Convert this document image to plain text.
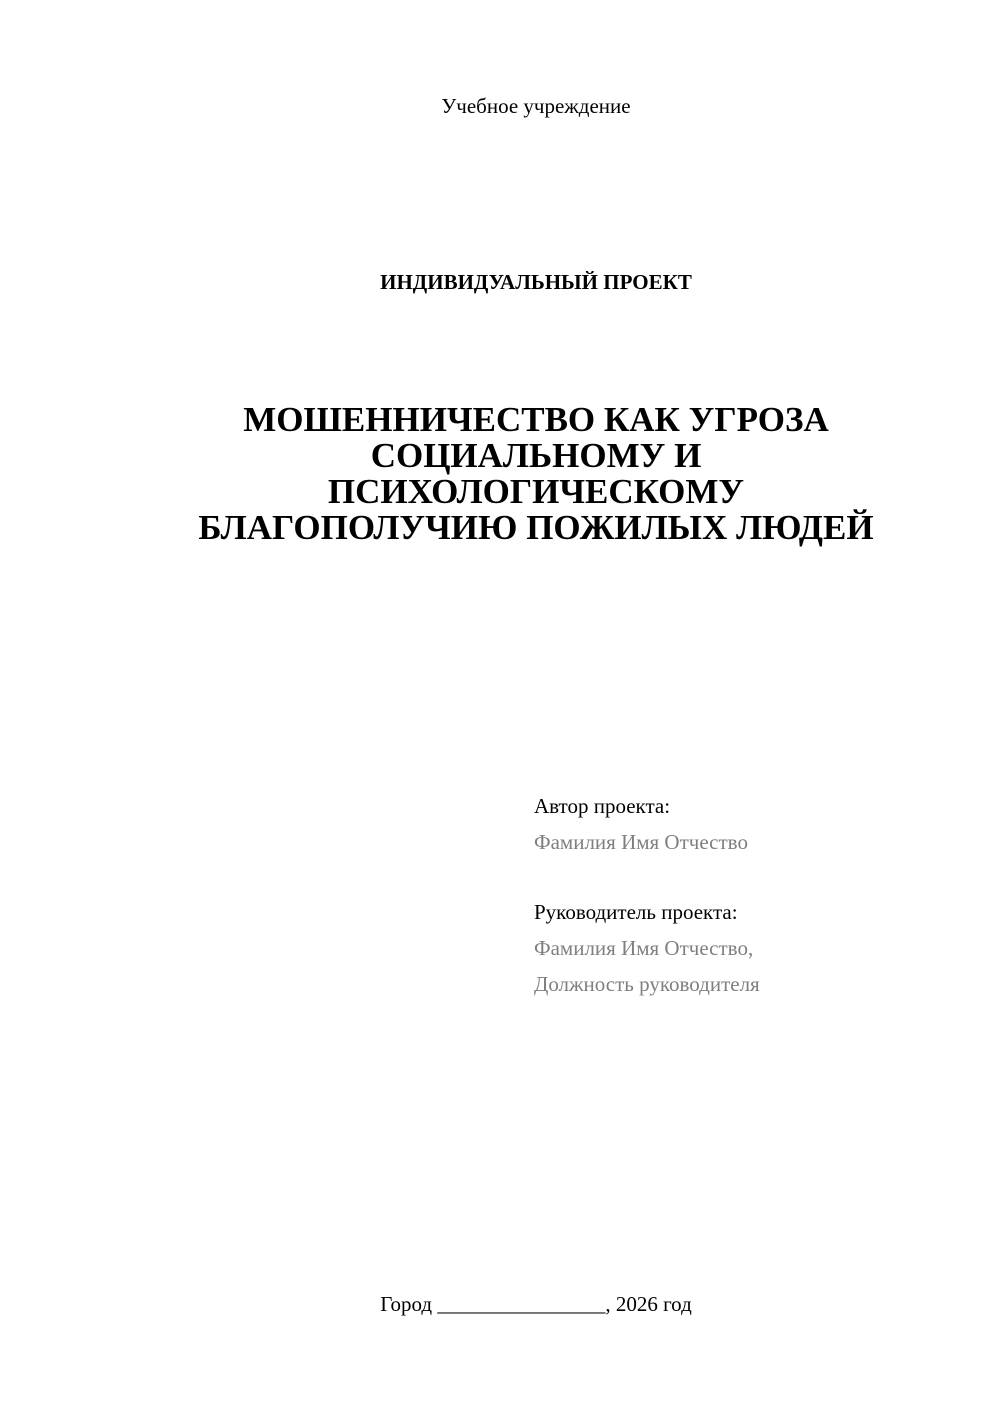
Учебное учреждение
ИНДИВИДУАЛЬНЫЙ ПРОЕКТ
МОШЕННИЧЕСТВО КАК УГРОЗА
СОЦИАЛЬНОМУ И
ПСИХОЛОГИЧЕСКОМУ
БЛАГОПОЛУЧИЮ ПОЖИЛЫХ ЛЮДЕЙ
Автор проекта:
Фамилия Имя Отчество
Руководитель проекта:
Фамилия Имя Отчество,
Должность руководителя
Город ________________, 2026 год
